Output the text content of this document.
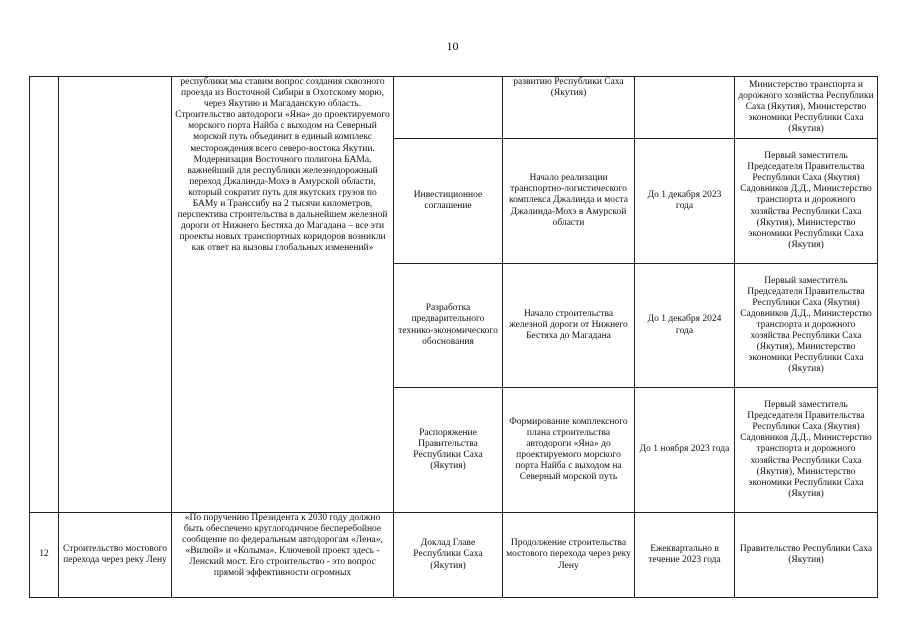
10

		республики мы ставим вопрос создания сквозного проезда из Восточной Сибири в Охотскому морю, через Якутию и Магаданскую область.
Строительство автодороги «Яна» до проектируемого морского порта Найба с выходом на Северный морской путь объединит в единый комплекс месторождения всего северо-востока Якутии. Модернизация Восточного полигона БАМа, важнейший для республики железнодорожный переход Джалинда-Мохэ в Амурской области, который сократит путь для якутских грузов по БАМу и Транссибу на 2 тысячи километров, перспектива строительства в дальнейшем железной дороги от Нижнего Бестяха до Магадана – все эти проекты новых транспортных коридоров возникли как ответ на вызовы глобальных изменений»		развитию Республики Саха (Якутия)		Министерство транспорта и дорожного хозяйства Республики Саха (Якутия), Министерство экономики Республики Саха (Якутия)
			Инвестиционное соглашение	Начало реализации транспортно-логистического комплекса Джалинда и моста Джалинда-Мохэ в Амурской области	До 1 декабря 2023 года	Первый заместитель Председателя Правительства Республики Саха (Якутия) Садовников Д.Д., Министерство транспорта и дорожного хозяйства Республики Саха (Якутия), Министерство экономики Республики Саха (Якутия)
			Разработка предварительного технико-экономического обоснования	Начало строительства железной дороги от Нижнего Бестяха до Магадана	До 1 декабря 2024 года	Первый заместитель Председателя Правительства Республики Саха (Якутия) Садовников Д.Д., Министерство транспорта и дорожного хозяйства Республики Саха (Якутия), Министерство экономики Республики Саха (Якутия)
			Распоряжение Правительства Республики Саха (Якутия)	Формирование комплексного плана строительства автодороги «Яна» до проектируемого морского порта Найба с выходом на Северный морской путь	До 1 ноября 2023 года	Первый заместитель Председателя Правительства Республики Саха (Якутия) Садовников Д.Д., Министерство транспорта и дорожного хозяйства Республики Саха (Якутия), Министерство экономики Республики Саха (Якутия)
12	Строительство мостового перехода через реку Лену	«По поручению Президента к 2030 году должно быть обеспечено круглогодичное бесперебойное сообщение по федеральным автодорогам «Лена», «Вилюй» и «Колыма». Ключевой проект здесь - Ленский мост. Его строительство - это вопрос прямой эффективности огромных	Доклад Главе Республики Саха (Якутия)	Продолжение строительства мостового перехода через реку Лену	Ежеквартально в течение 2023 года	Правительство Республики Саха (Якутия)
